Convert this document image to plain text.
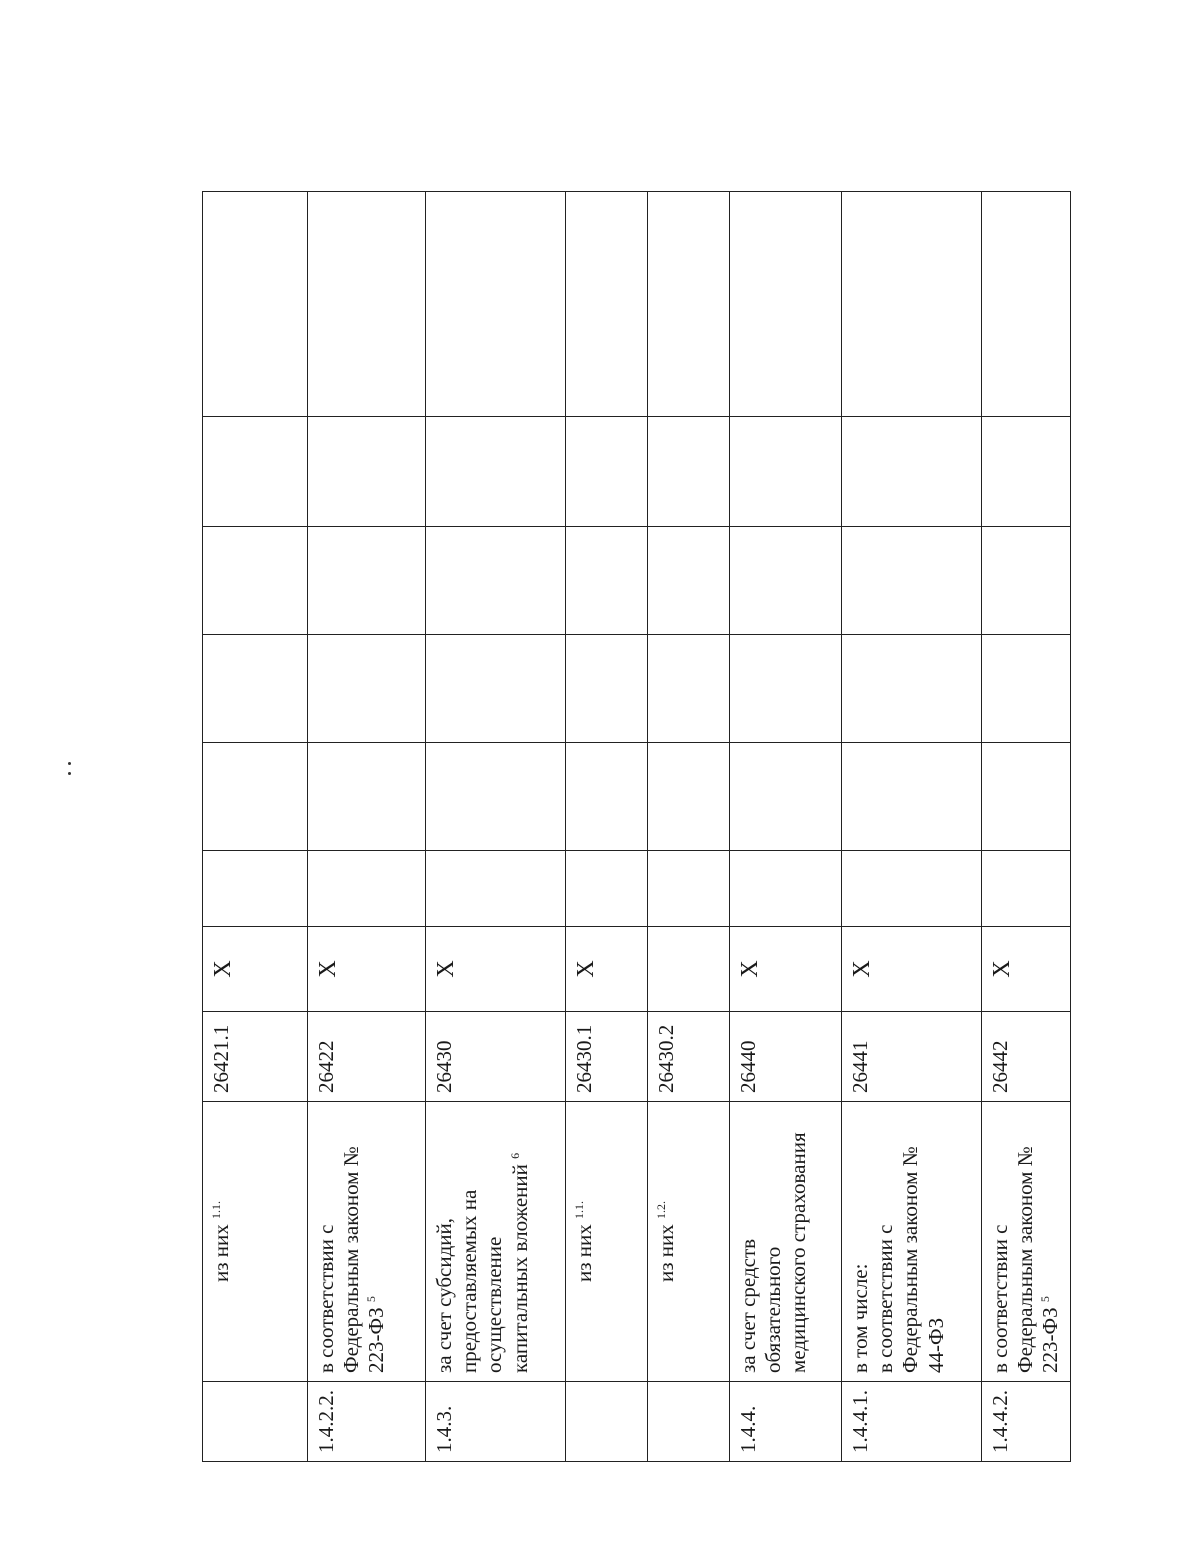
	из них $^{1.1.}$	26421.1	X						
1.4.2.2.	в соответствии с Федеральным законом № 223-ФЗ $^5$	26422	X						
1.4.3.	за счет субсидий, предоставляемых на осуществление капитальных вложений $^6$	26430	X						

	из них $^{1.1.}$	26430.1	X						

	из них $^{1.2.}$	26430.2							
1.4.4.	за счет средств обязательного медицинского страхования	26440	X						
1.4.4.1.	в том числе: в соответствии с Федеральным законом № 44-ФЗ	26441	X						
1.4.4.2.	в соответствии с Федеральным законом № 223-ФЗ $^5$	26442	X						
